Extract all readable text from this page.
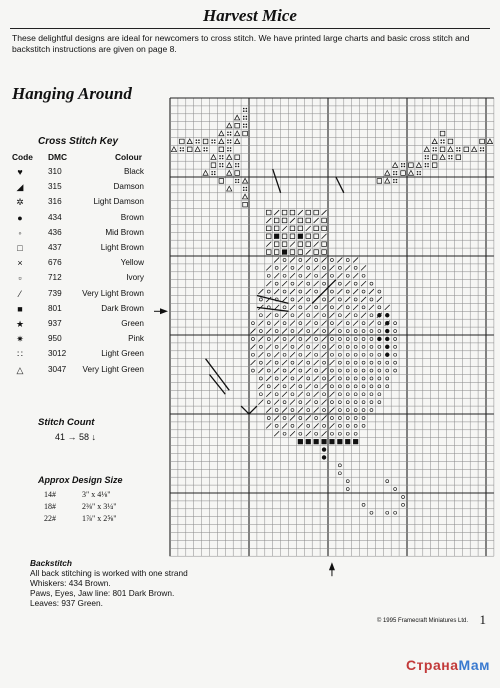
Harvest Mice
These delightful designs are ideal for newcomers to cross stitch. We have printed large charts and basic cross stitch and backstitch instructions are given on page 8.
Hanging Around
Cross Stitch Key
Code DMC	Colour
♥	310	Black
◢	315	Damson
✲	316	Light Damson
●	434	Brown
◦	436	Mid Brown
□	437	Light Brown
×	676	Yellow
▫	712	Ivory
⁄	739 Very Light Brown
■	801	Dark Brown
★	937	Green
✷	950	Pink
∷	3012	Light Green
△	3047 Very Light Green
Stitch Count
41 → 58 ↓
Approx Design Size
14#	3" x 4⅛"
18#	2⅜" x 3¼"
22#	1⅞" x 2⅝"
Backstitch
All back stitching is worked with one strand
Whiskers: 434 Brown.
Paws, Eyes, Jaw line: 801 Dark Brown.
Leaves: 937 Green.
© 1995 Framecraft Miniatures Ltd. 1
СтранаМам
